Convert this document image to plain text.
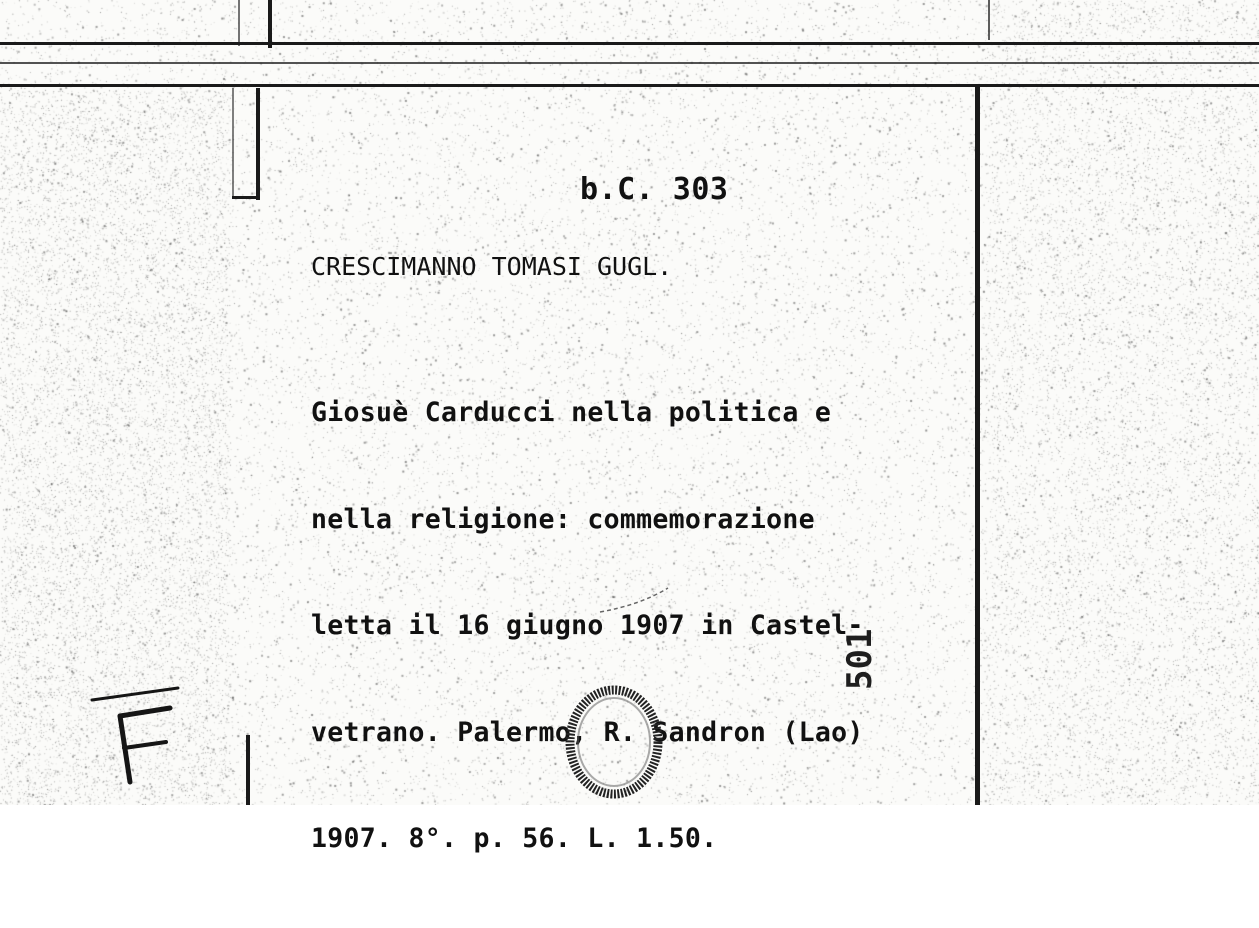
b.C. 303

CRESCIMANNO TOMASI GUGL.

Giosuè Carducci nella politica e

nella religione: commemorazione

letta il 16 giugno 1907 in Castel-

vetrano. Palermo, R. Sandron (Lao)

1907. 8°. p. 56. L. 1.50.

501
